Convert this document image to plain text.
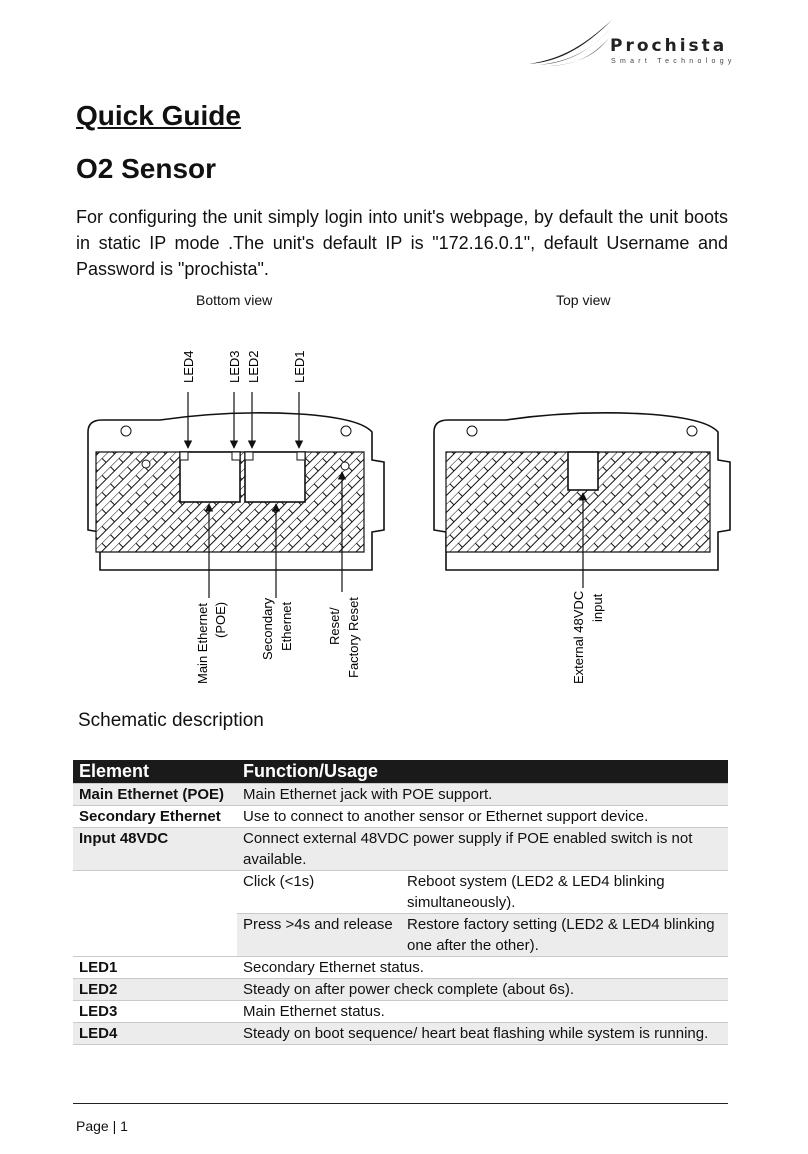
Prochista
Smart Technology
Quick Guide
O2 Sensor
For configuring the unit simply login into unit's webpage, by default the unit boots in static IP mode .The unit's default IP is "172.16.0.1", default Username and Password is "prochista".
Bottom view	Top view
LED4 LED3 LED2 LED1
Main Ethernet (POE) Secondary Ethernet	Reset/ Factory Reset	External 48VDC input
Schematic description
Element	Function/Usage	
Main Ethernet (POE)	Main Ethernet jack with POE support.	
Secondary Ethernet	Use to connect to another sensor or Ethernet support device.	
Input 48VDC	Connect external 48VDC power supply if POE enabled switch is not available.	
	Click (<1s)	Reboot system (LED2 & LED4 blinking simultaneously).
	Press >4s and release	Restore factory setting (LED2 & LED4 blinking one after the other).
LED1	Secondary Ethernet status.	
LED2	Steady on after power check complete (about 6s).	
LED3	Main Ethernet status.	
LED4	Steady on boot sequence/ heart beat flashing while system is running.	
Page | 1
